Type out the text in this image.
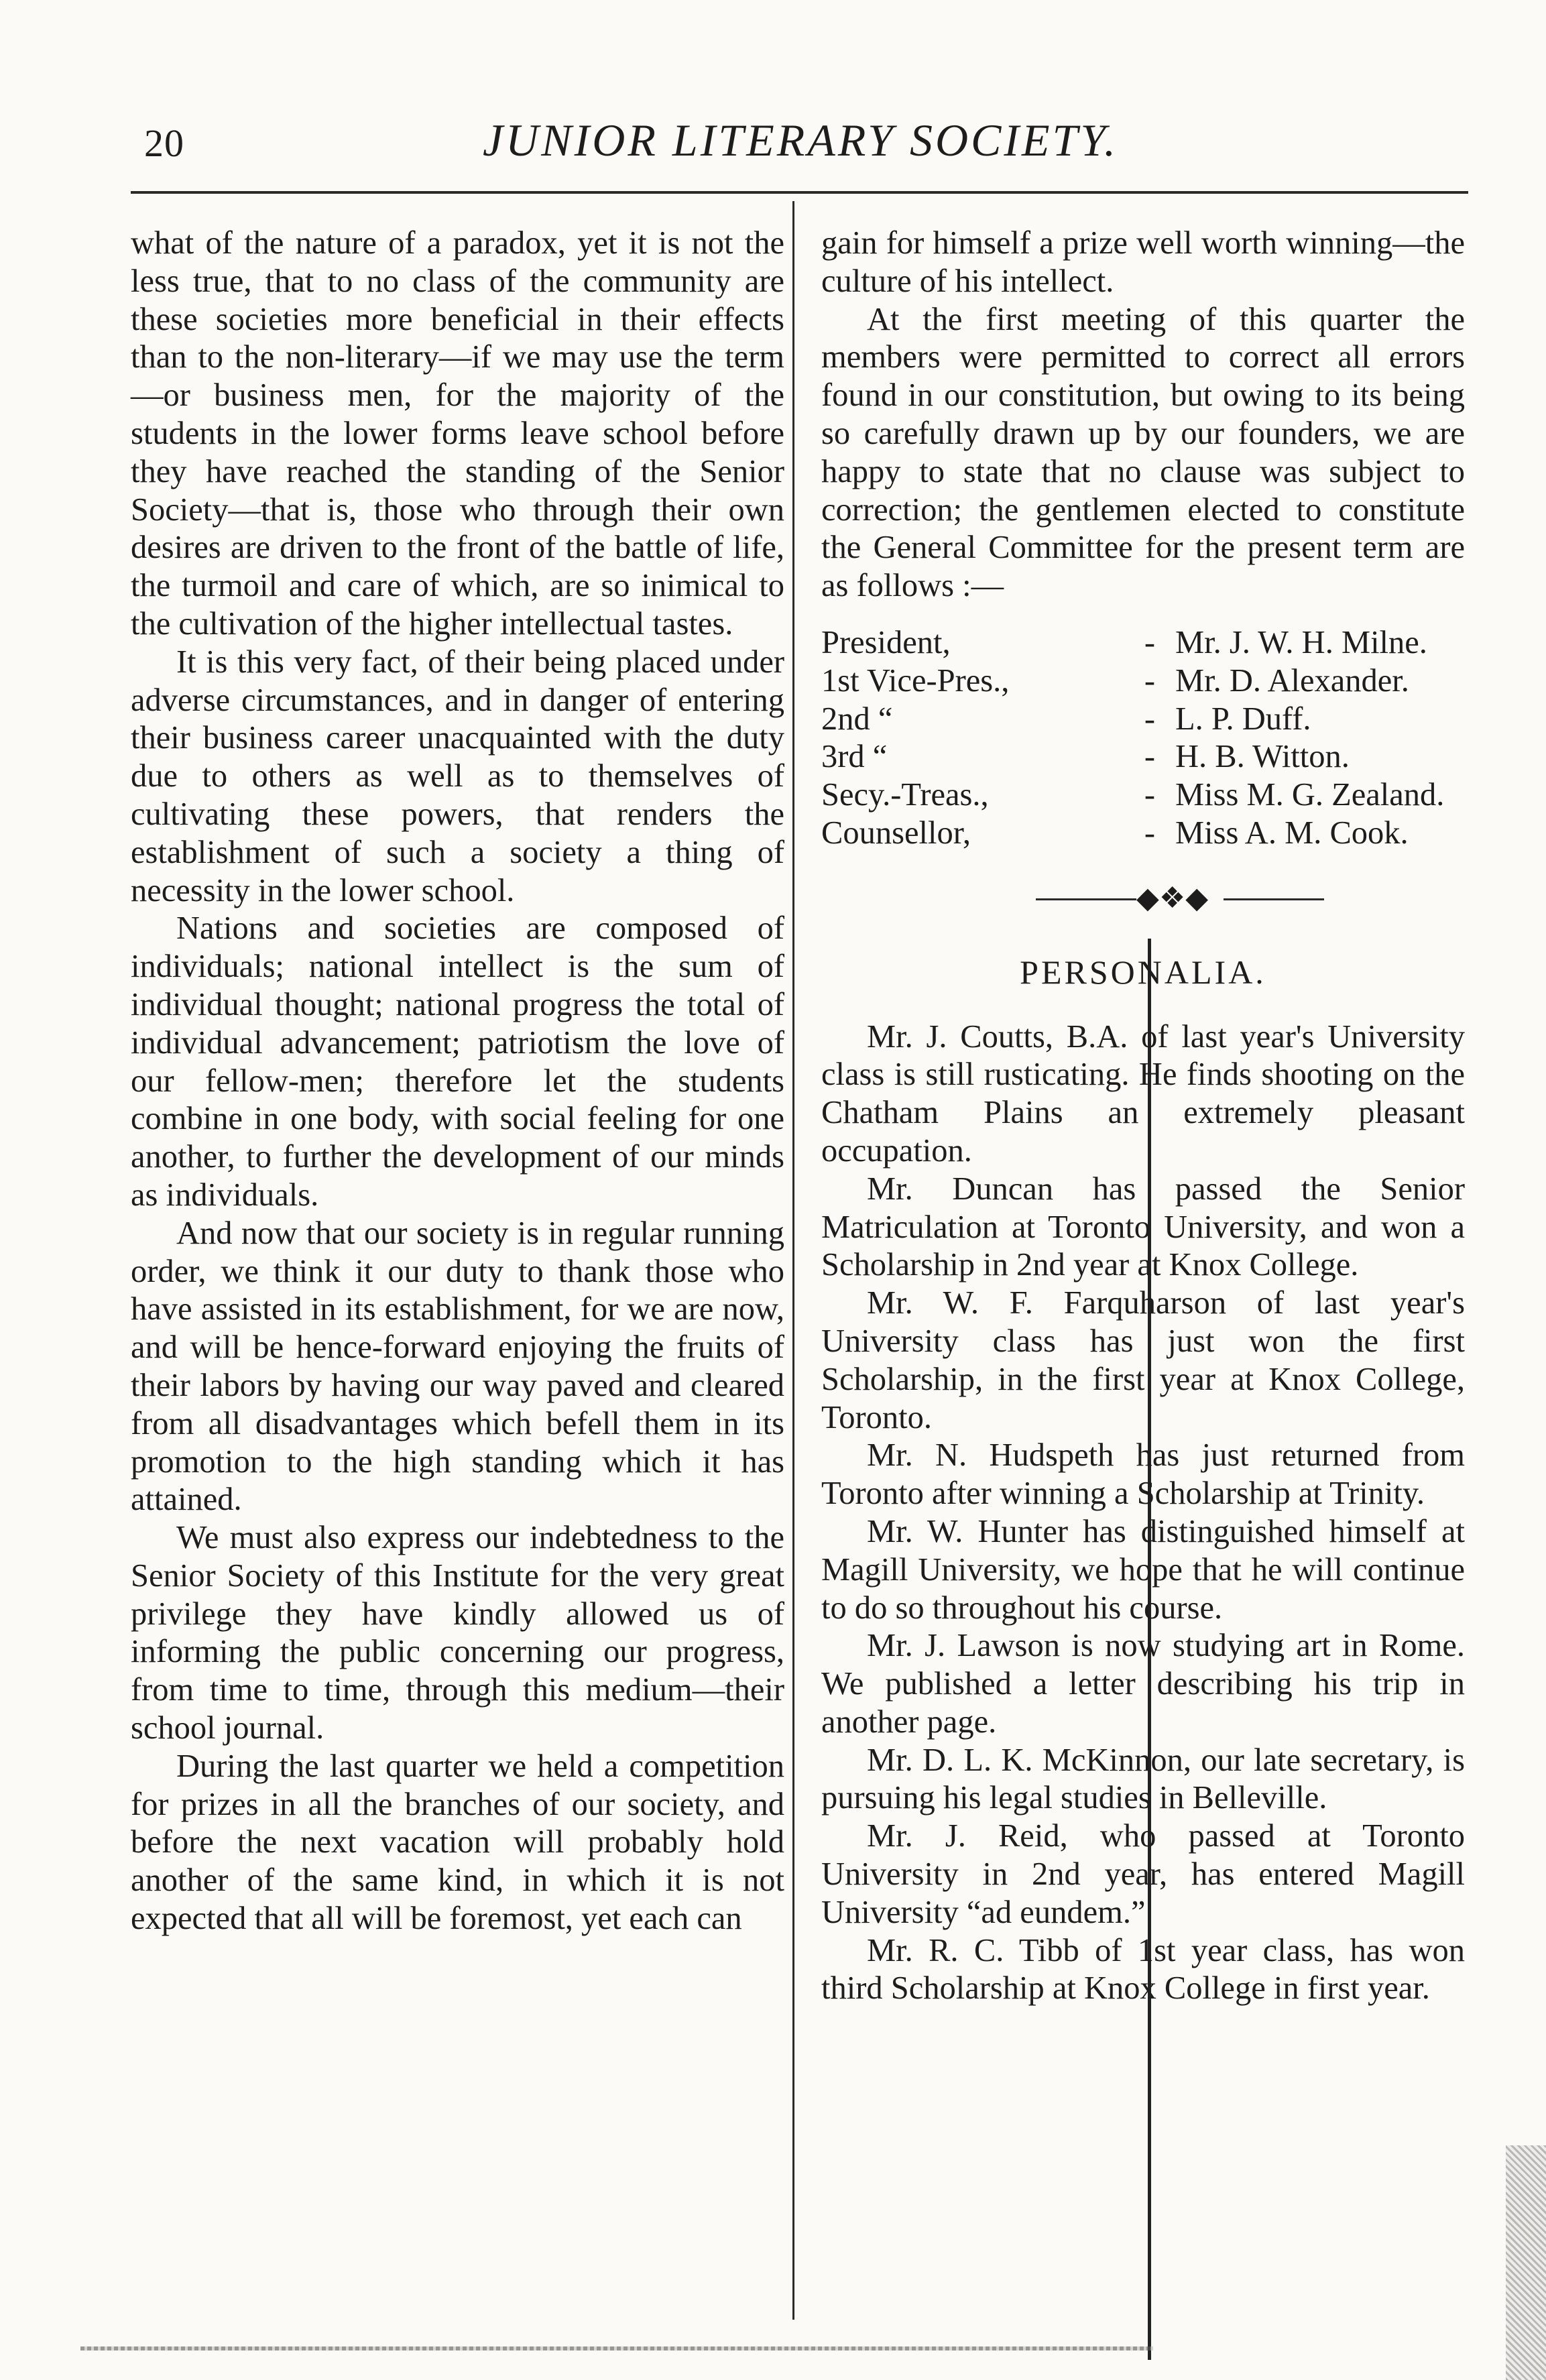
20	JUNIOR LITERARY SOCIETY.

what of the nature of a paradox, yet it is not the less true, that to no class of the community are these societies more beneficial in their effects than to the non-literary—if we may use the term—or business men, for the majority of the students in the lower forms leave school before they have reached the standing of the Senior Society—that is, those who through their own desires are driven to the front of the battle of life, the turmoil and care of which, are so inimical to the cultivation of the higher intellectual tastes.

It is this very fact, of their being placed under adverse circumstances, and in danger of entering their business career unacquainted with the duty due to others as well as to themselves of cultivating these powers, that renders the establishment of such a society a thing of necessity in the lower school.

Nations and societies are composed of individuals; national intellect is the sum of individual thought; national progress the total of individual advancement; patriotism the love of our fellow-men; therefore let the students combine in one body, with social feeling for one another, to further the development of our minds as individuals.

And now that our society is in regular running order, we think it our duty to thank those who have assisted in its establishment, for we are now, and will be hence-forward enjoying the fruits of their labors by having our way paved and cleared from all disadvantages which befell them in its promotion to the high standing which it has attained.

We must also express our indebtedness to the Senior Society of this Institute for the very great privilege they have kindly allowed us of informing the public concerning our progress, from time to time, through this medium—their school journal.

During the last quarter we held a competition for prizes in all the branches of our society, and before the next vacation will probably hold another of the same kind, in which it is not expected that all will be foremost, yet each can

gain for himself a prize well worth winning—the culture of his intellect.

At the first meeting of this quarter the members were permitted to correct all errors found in our constitution, but owing to its being so carefully drawn up by our founders, we are happy to state that no clause was subject to correction; the gentlemen elected to constitute the General Committee for the present term are as follows :—

President,	-	Mr. J. W. H. Milne.
1st Vice-Pres.,	-	Mr. D. Alexander.
2nd “	-	L. P. Duff.
3rd “	-	H. B. Witton.
Secy.-Treas.,	-	Miss M. G. Zealand.
Counsellor,	-	Miss A. M. Cook.
◆❖◆

PERSONALIA.

Mr. J. Coutts, B.A. of last year's University class is still rusticating. He finds shooting on the Chatham Plains an extremely pleasant occupation.

Mr. Duncan has passed the Senior Matriculation at Toronto University, and won a Scholarship in 2nd year at Knox College.

Mr. W. F. Farquharson of last year's University class has just won the first Scholarship, in the first year at Knox College, Toronto.

Mr. N. Hudspeth has just returned from Toronto after winning a Scholarship at Trinity.

Mr. W. Hunter has distinguished himself at Magill University, we hope that he will continue to do so throughout his course.

Mr. J. Lawson is now studying art in Rome. We published a letter describing his trip in another page.

Mr. D. L. K. McKinnon, our late secretary, is pursuing his legal studies in Belleville.

Mr. J. Reid, who passed at Toronto University in 2nd year, has entered Magill University “ad eundem.”

Mr. R. C. Tibb of 1st year class, has won third Scholarship at Knox College in first year.
